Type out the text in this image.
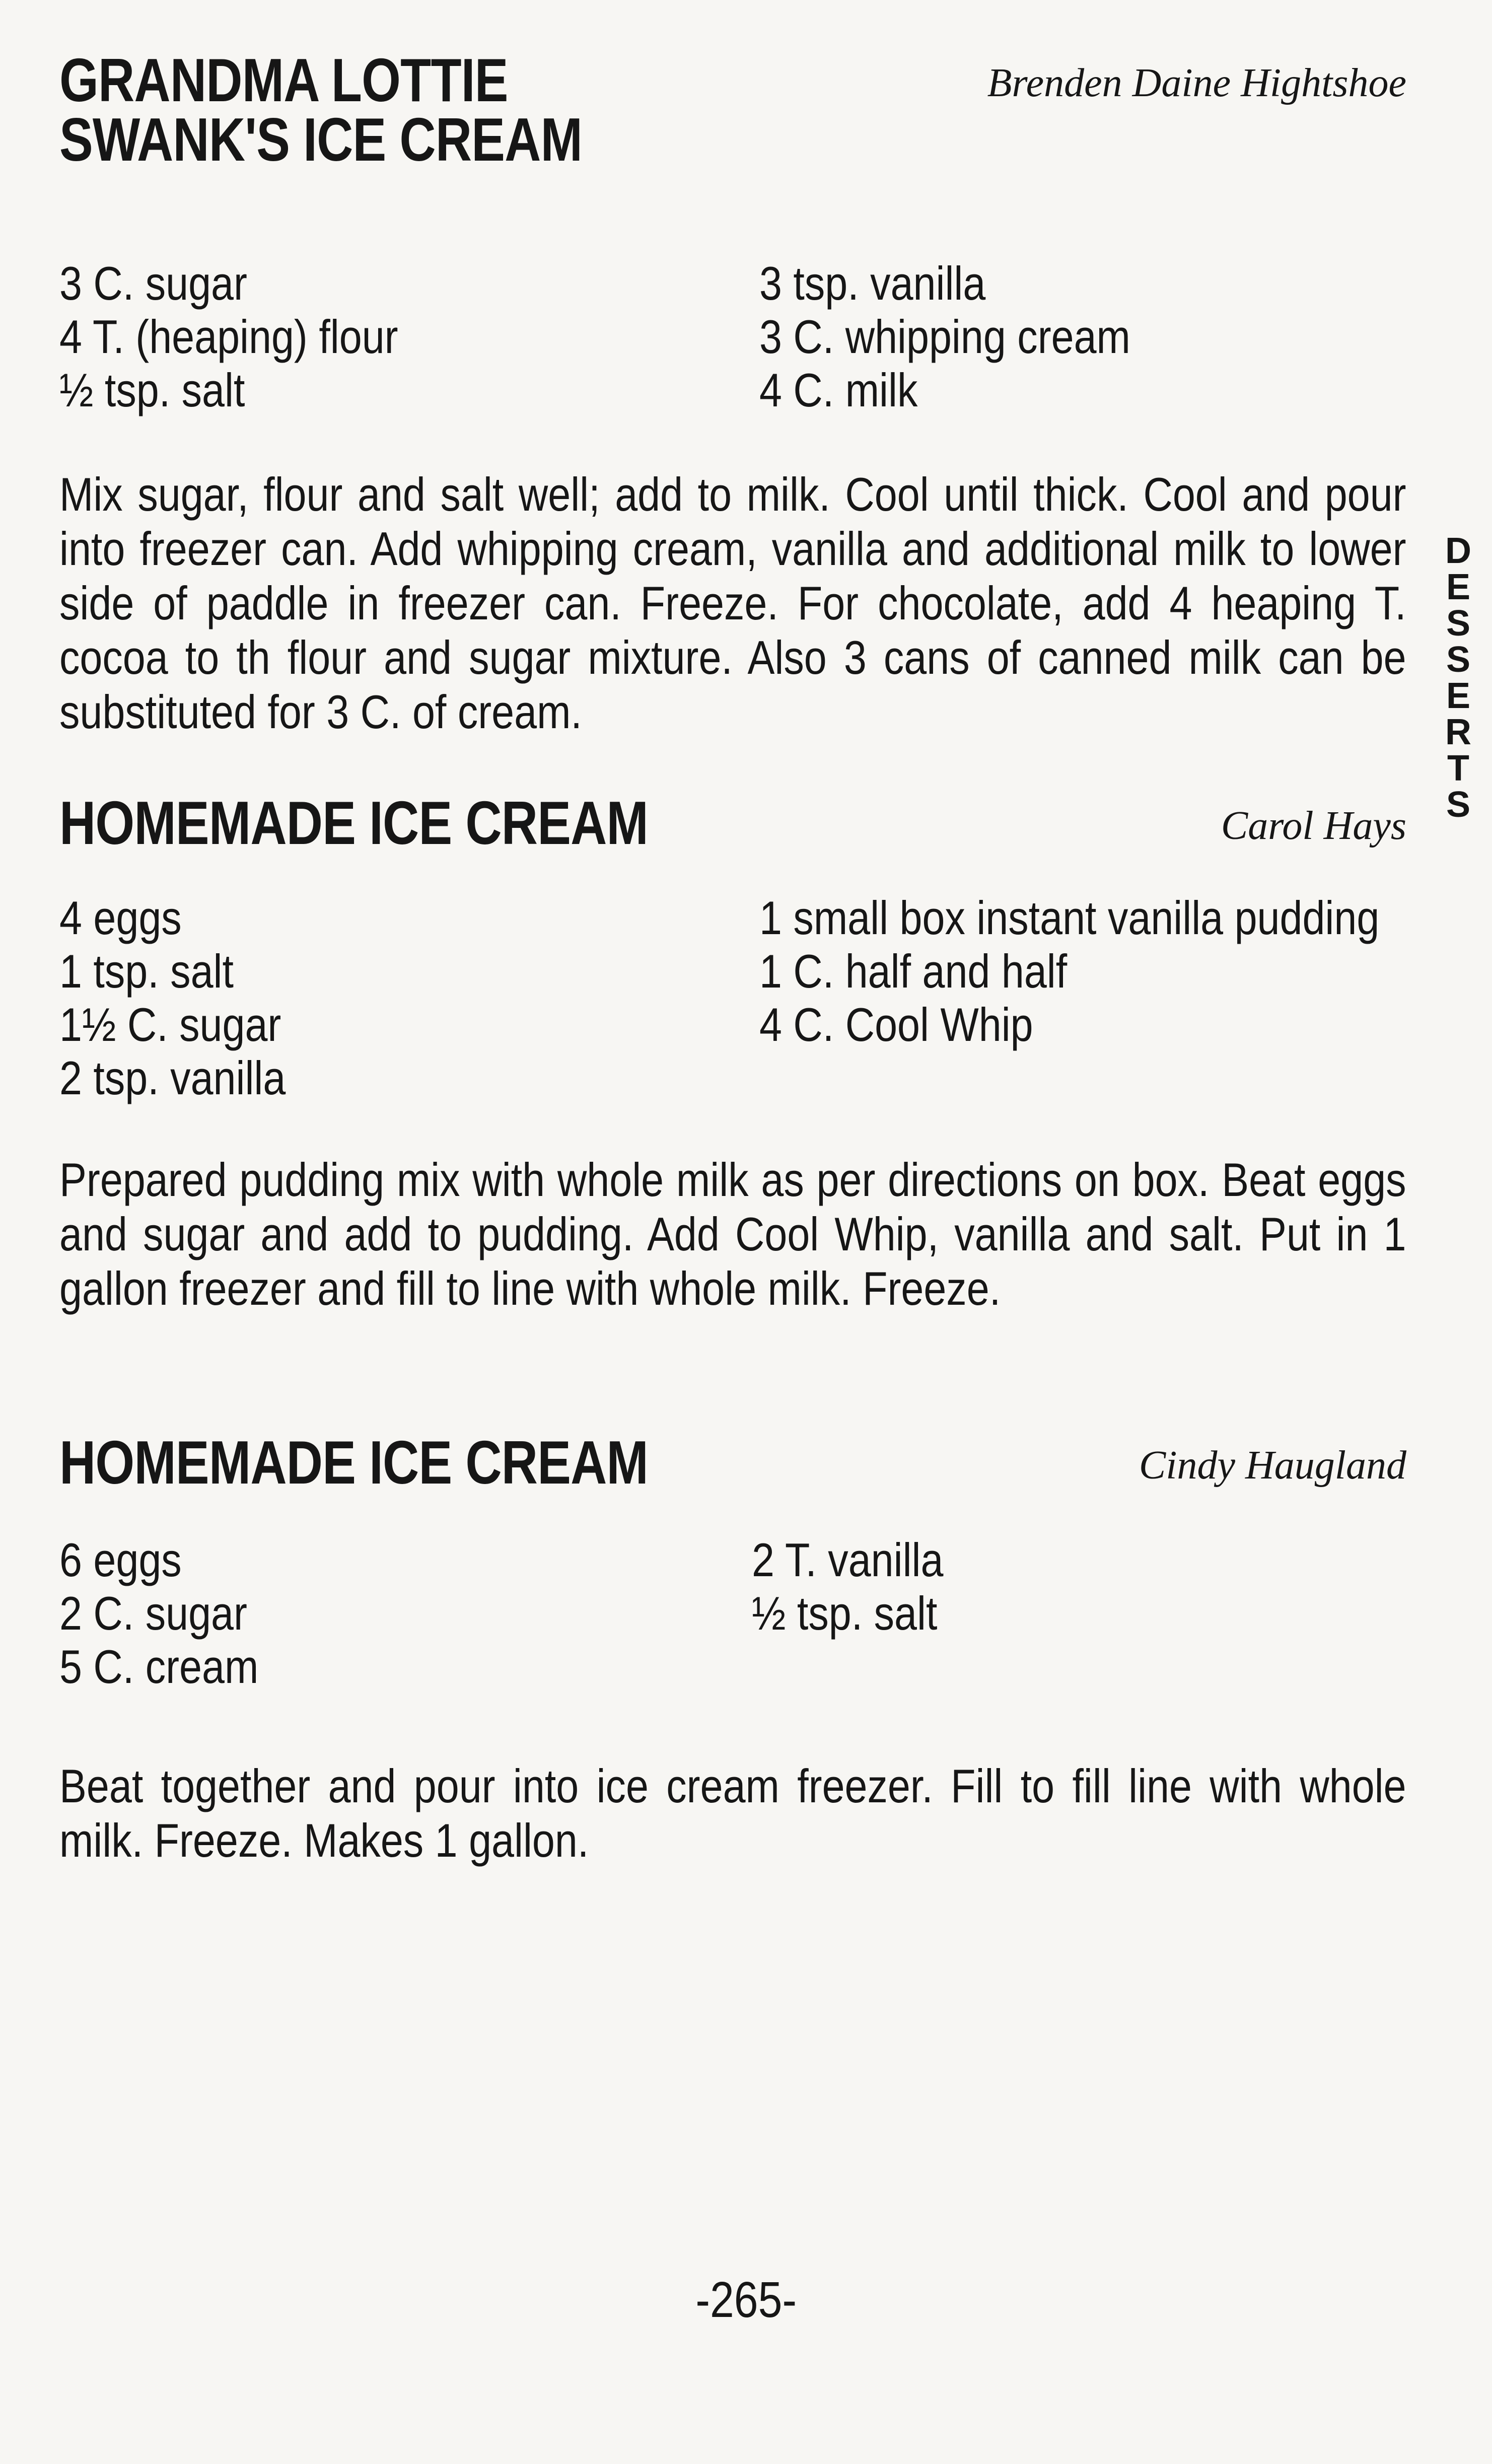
GRANDMA LOTTIE
SWANK'S ICE CREAM
Brenden Daine Hightshoe
3 C. sugar	3 tsp. vanilla
4 T. (heaping) flour	3 C. whipping cream
½ tsp. salt	4 C. milk

Mix sugar, flour and salt well; add to milk. Cool until thick. Cool and pour into freezer can. Add whipping cream, vanilla and additional milk to lower side of paddle in freezer can. Freeze. For chocolate, add 4 heaping T. cocoa to th flour and sugar mixture. Also 3 cans of canned milk can be substituted for 3 C. of cream.

HOMEMADE ICE CREAM	Carol Hays
4 eggs	1 small box instant vanilla pudding
1 tsp. salt	1 C. half and half
1½ C. sugar	4 C. Cool Whip
2 tsp. vanilla

Prepared pudding mix with whole milk as per directions on box. Beat eggs and sugar and add to pudding. Add Cool Whip, vanilla and salt. Put in 1 gallon freezer and fill to line with whole milk. Freeze.

HOMEMADE ICE CREAM	Cindy Haugland
6 eggs	2 T. vanilla
2 C. sugar	½ tsp. salt
5 C. cream

Beat together and pour into ice cream freezer. Fill to fill line with whole milk. Freeze. Makes 1 gallon.

DESSERTS
-265-
